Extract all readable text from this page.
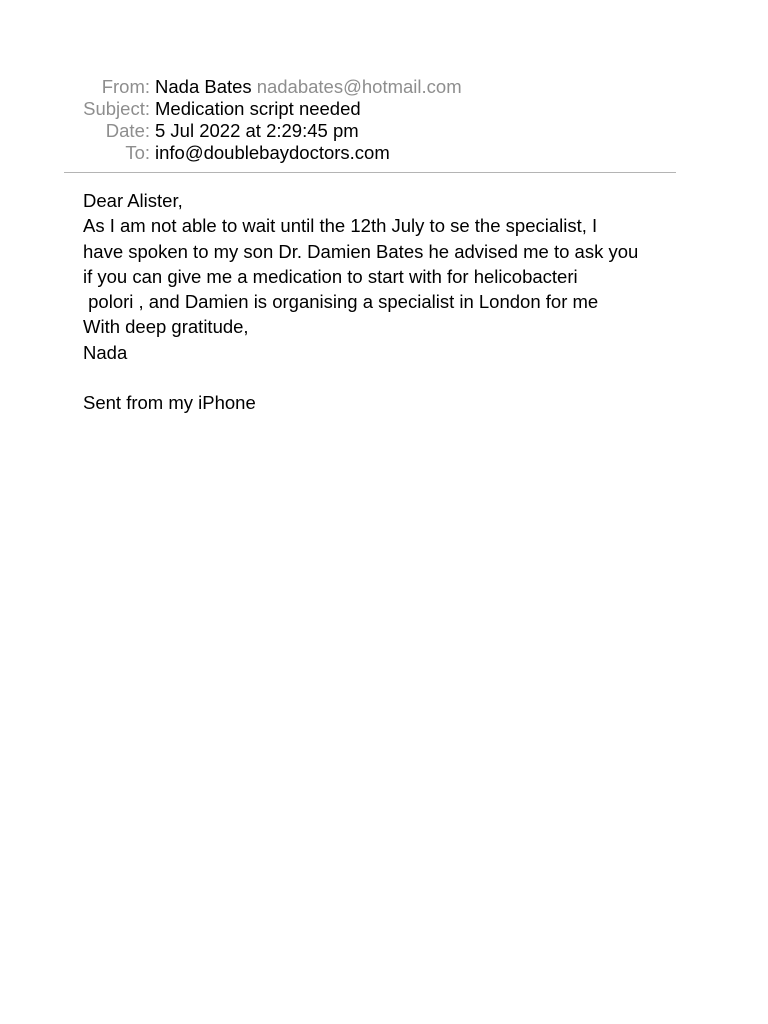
From: Nada Bates nadabates@hotmail.com
Subject: Medication script needed
Date: 5 Jul 2022 at 2:29:45 pm
To: info@doublebaydoctors.com
Dear Alister,
As I am not able to wait until the 12th July to se the specialist, I
have spoken to my son Dr. Damien Bates he advised me to ask you
if you can give me a medication to start with for helicobacteri
polori , and Damien is organising a specialist in London for me
With deep gratitude,
Nada
Sent from my iPhone
